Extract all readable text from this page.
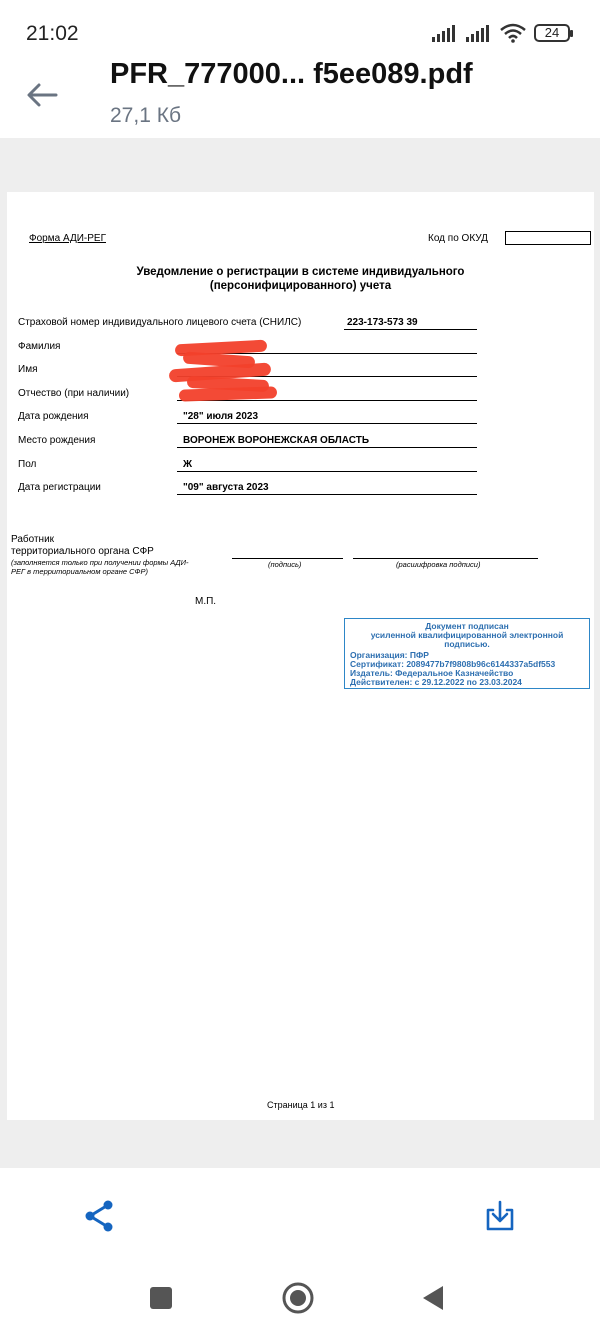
21:02	24
PFR_777000... f5ee089.pdf
27,1 Кб
Форма АДИ-РЕГ	Код по ОКУД
Уведомление о регистрации в системе индивидуального
(персонифицированного) учета
Страховой номер индивидуального лицевого счета (СНИЛС)	223-173-573 39
Фамилия
Имя
Отчество (при наличии)
Дата рождения	"28" июля 2023
Место рождения	ВОРОНЕЖ ВОРОНЕЖСКАЯ ОБЛАСТЬ
Пол	Ж
Дата регистрации	"09" августа 2023
Работник
территориального органа СФР
(заполняется только при получении формы АДИ-
РЕГ в территориальном органе СФР)
(подпись)	(расшифровка подписи)
М.П.
Документ подписан
усиленной квалифицированной электронной
подписью.
Организация: ПФР
Сертификат: 2089477b7f9808b96c6144337a5df553
Издатель: Федеральное Казначейство
Действителен: с 29.12.2022 по 23.03.2024
Страница 1 из 1
